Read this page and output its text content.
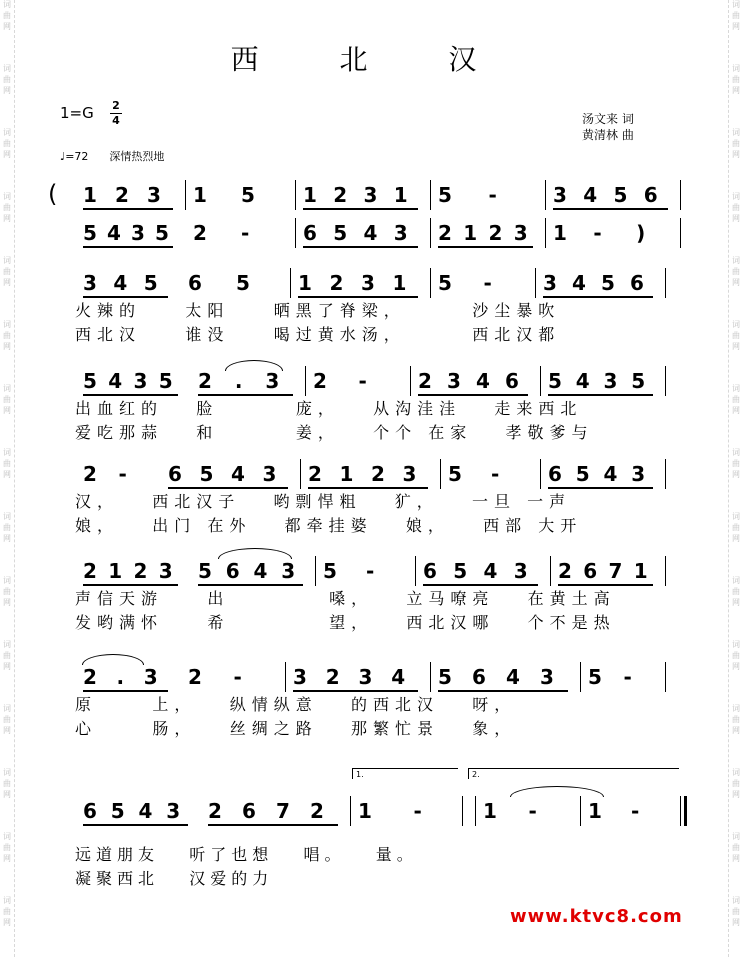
词
曲
网
词
曲
网
词
曲
网
词
曲
网
词
曲
网
词
曲
网
词
曲
网
词
曲
网
词
曲
网
词
曲
网
词
曲
网
词
曲
网
词
曲
网
词
曲
网
词
曲
网
词
曲
网
词
曲
网
词
曲
网
词
曲
网
词
曲
网
词
曲
网
词
曲
网
词
曲
网
词
曲
网
词
曲
网
词
曲
网
词
曲
网
词
曲
网
词
曲
网
词
曲
网
西 北 汉
1=G 2
4
♩=72 深情热烈地
汤文来 词
黄清林 曲
1 2 3 1 5 1 2 3 1 5 -	3 4 5 6
(
5 4 3 5 2 -	6 5 4 3 2 1 2 3 1 - )
3 4 5 6 5 1 2 3 1 5 -	3 4 5 6
火辣的    太阳    晒黑了脊梁，      沙尘暴吹
西北汉    谁没    喝过黄水汤，      西北汉都
5 4 3 5 2 . 3 2 -	2 3 4 6 5 4 3 5
出血红的   脸       庞，   从沟洼洼   走来西北
爱吃那蒜   和       姜，   个个 在家   孝敬爹与
2 - 6 5 4 3 2 1 2 3 5 - 6 5 4 3
汉，   西北汉子   哟剽悍粗   犷，   一旦 一声
娘，   出门 在外   都牵挂婆   娘，   西部 大开
2 1 2 3 5 6 4 3 5 - 6 5 4 3 2 6 7 1
声信天游    出         嗓，   立马嘹亮   在黄土高
发哟满怀    希         望，   西北汉哪   个不是热
2 . 3 2 -	3 2 3 4 5 6 4 3 5 -
原     上，   纵情纵意   的西北汉   呀，
心     肠，   丝绸之路   那繁忙景   象，
6 5 4 3 2 6 7 2 1 -	1 -	1 -
1.	2.
远道朋友   听了也想   唱。   量。
凝聚西北   汉爱的力
www.ktvc8.com
